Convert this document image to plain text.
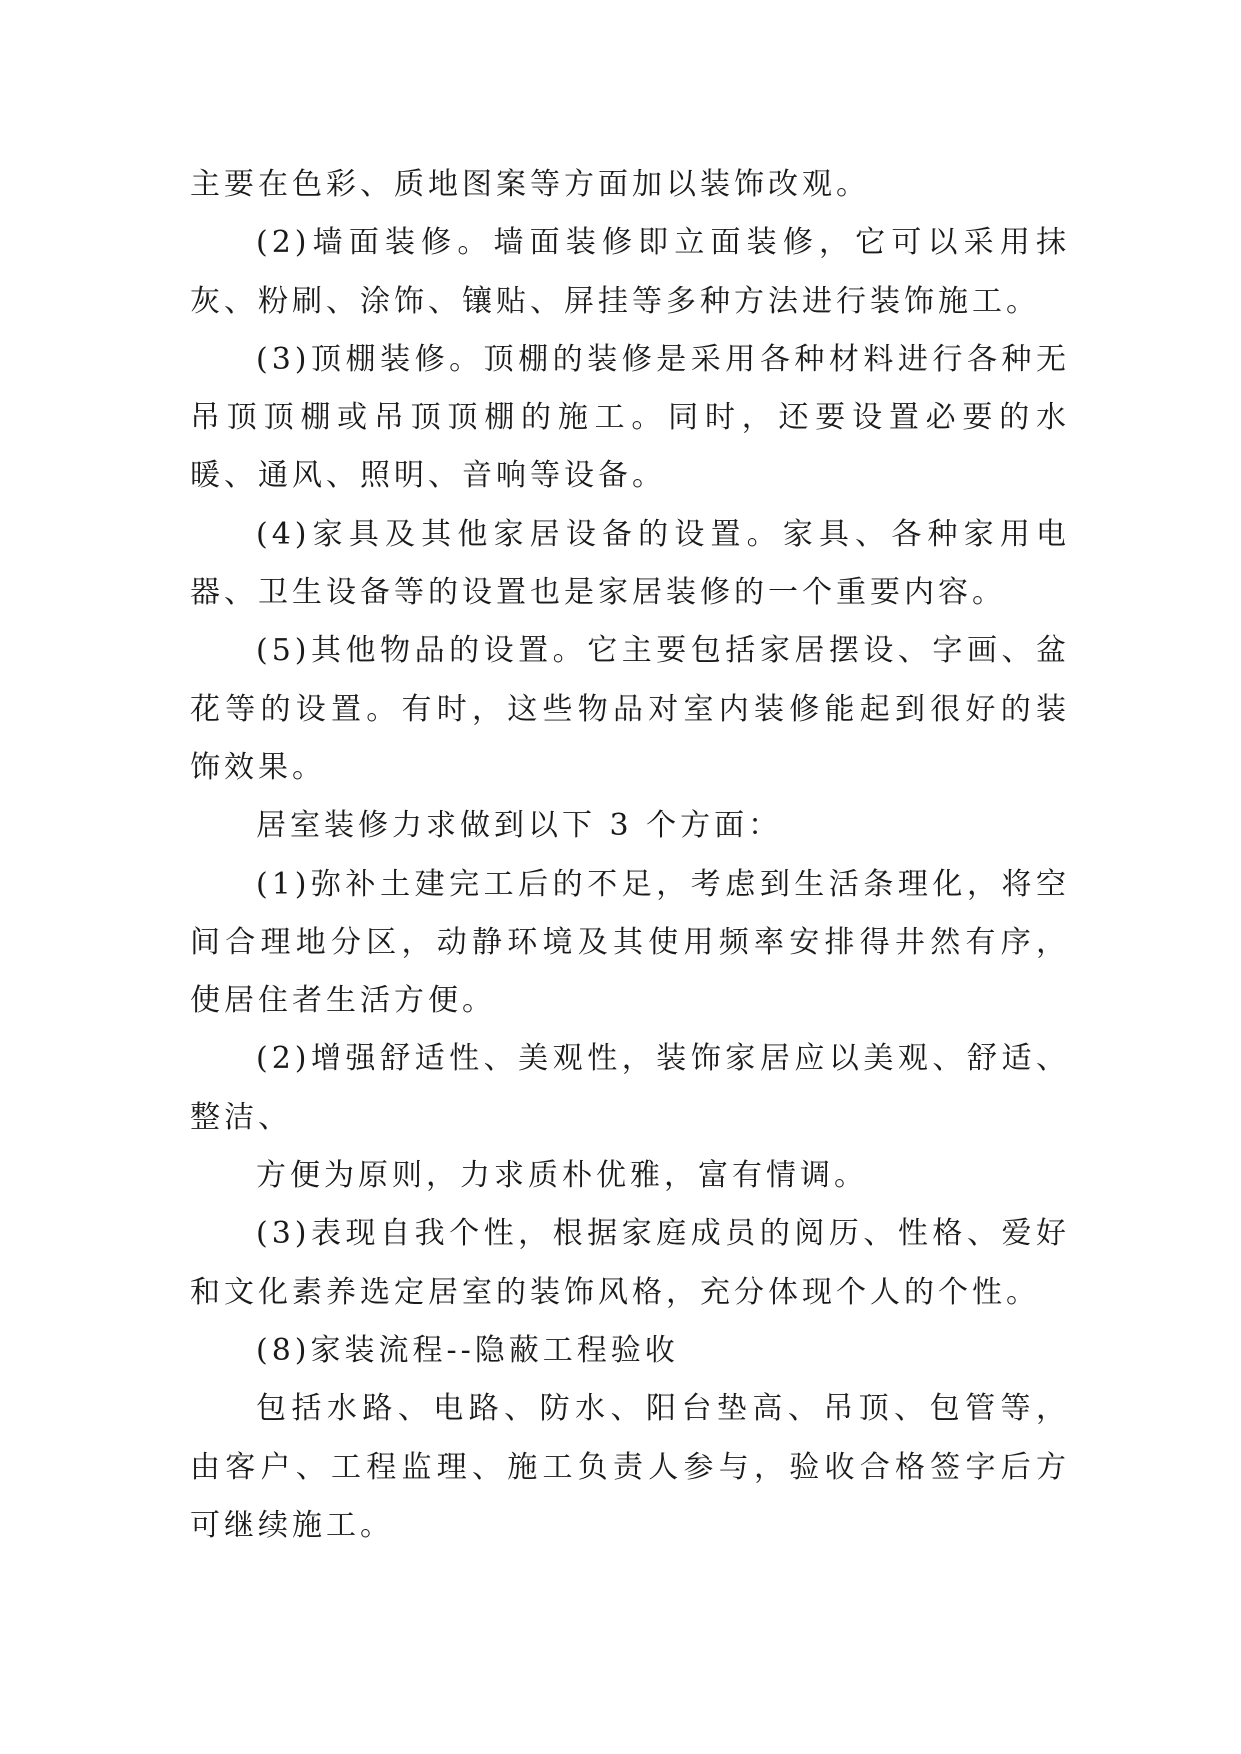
主要在色彩、质地图案等方面加以装饰改观。

(2)墙面装修。墙面装修即立面装修，它可以采用抹灰、粉刷、涂饰、镶贴、屏挂等多种方法进行装饰施工。

(3)顶棚装修。顶棚的装修是采用各种材料进行各种无吊顶顶棚或吊顶顶棚的施工。同时，还要设置必要的水暖、通风、照明、音响等设备。

(4)家具及其他家居设备的设置。家具、各种家用电器、卫生设备等的设置也是家居装修的一个重要内容。

(5)其他物品的设置。它主要包括家居摆设、字画、盆花等的设置。有时，这些物品对室内装修能起到很好的装饰效果。

居室装修力求做到以下 3 个方面：

(1)弥补土建完工后的不足，考虑到生活条理化，将空间合理地分区，动静环境及其使用频率安排得井然有序，使居住者生活方便。

(2)增强舒适性、美观性，装饰家居应以美观、舒适、整洁、

方便为原则，力求质朴优雅，富有情调。

(3)表现自我个性，根据家庭成员的阅历、性格、爱好和文化素养选定居室的装饰风格，充分体现个人的个性。

(8)家装流程--隐蔽工程验收

包括水路、电路、防水、阳台垫高、吊顶、包管等，由客户、工程监理、施工负责人参与，验收合格签字后方可继续施工。
